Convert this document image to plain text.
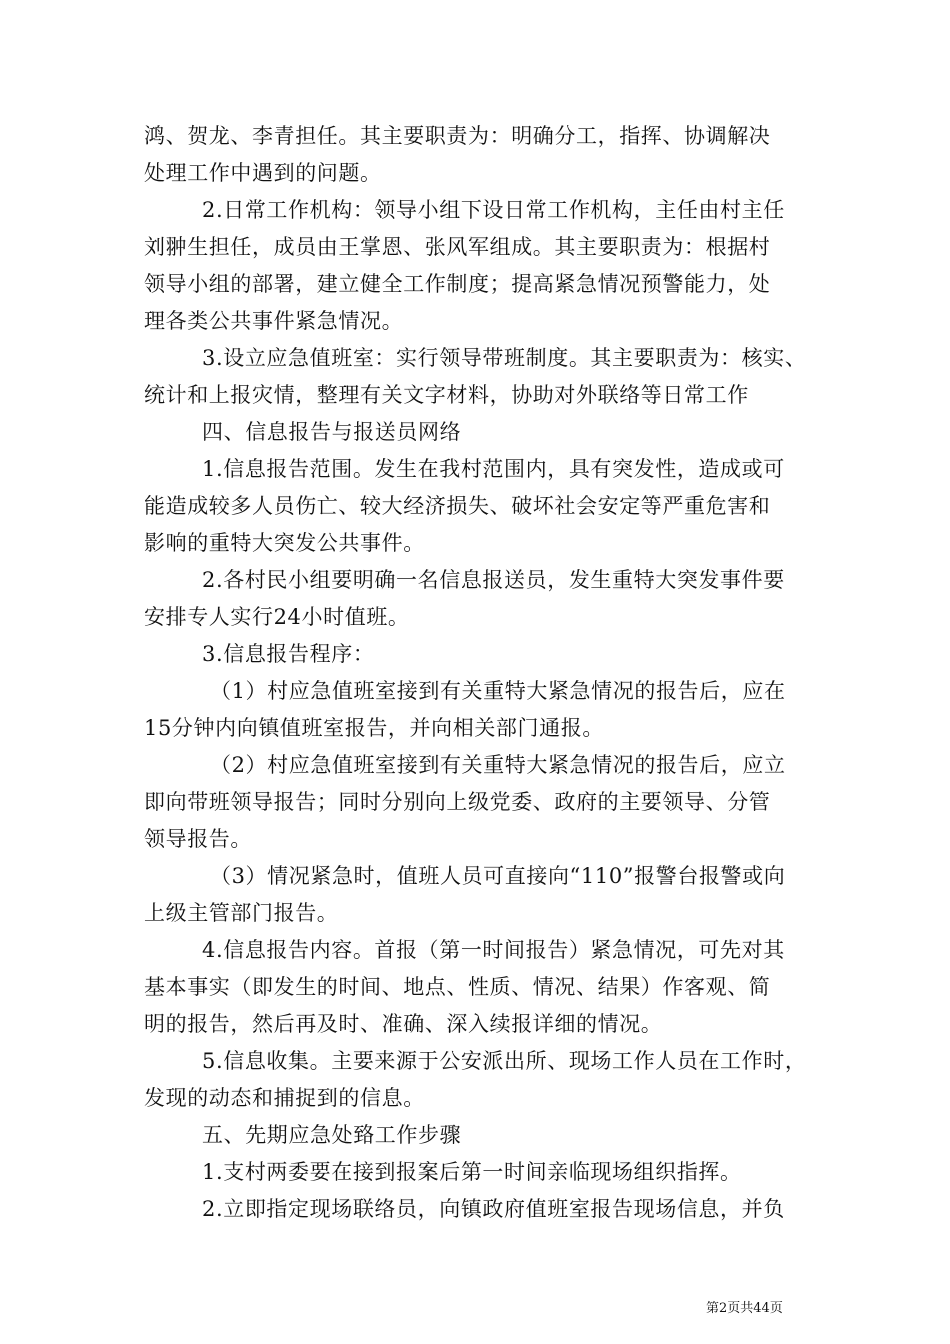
鸿、贺龙、李青担任。其主要职责为：明确分工，指挥、协调解决
处理工作中遇到的问题。
2.日常工作机构：领导小组下设日常工作机构，主任由村主任
刘翀生担任，成员由王掌恩、张风军组成。其主要职责为：根据村
领导小组的部署，建立健全工作制度；提高紧急情况预警能力，处
理各类公共事件紧急情况。
3.设立应急值班室：实行领导带班制度。其主要职责为：核实、
统计和上报灾情，整理有关文字材料，协助对外联络等日常工作
四、信息报告与报送员网络
1.信息报告范围。发生在我村范围内，具有突发性，造成或可
能造成较多人员伤亡、较大经济损失、破坏社会安定等严重危害和
影响的重特大突发公共事件。
2.各村民小组要明确一名信息报送员，发生重特大突发事件要
安排专人实行24小时值班。
3.信息报告程序：
（1）村应急值班室接到有关重特大紧急情况的报告后，应在
15分钟内向镇值班室报告，并向相关部门通报。
（2）村应急值班室接到有关重特大紧急情况的报告后，应立
即向带班领导报告；同时分别向上级党委、政府的主要领导、分管
领导报告。
（3）情况紧急时，值班人员可直接向“110”报警台报警或向
上级主管部门报告。
4.信息报告内容。首报（第一时间报告）紧急情况，可先对其
基本事实（即发生的时间、地点、性质、情况、结果）作客观、简
明的报告，然后再及时、准确、深入续报详细的情况。
5.信息收集。主要来源于公安派出所、现场工作人员在工作时，
发现的动态和捕捉到的信息。
五、先期应急处臵工作步骤
1.支村两委要在接到报案后第一时间亲临现场组织指挥。
2.立即指定现场联络员，向镇政府值班室报告现场信息，并负
第2页共44页
